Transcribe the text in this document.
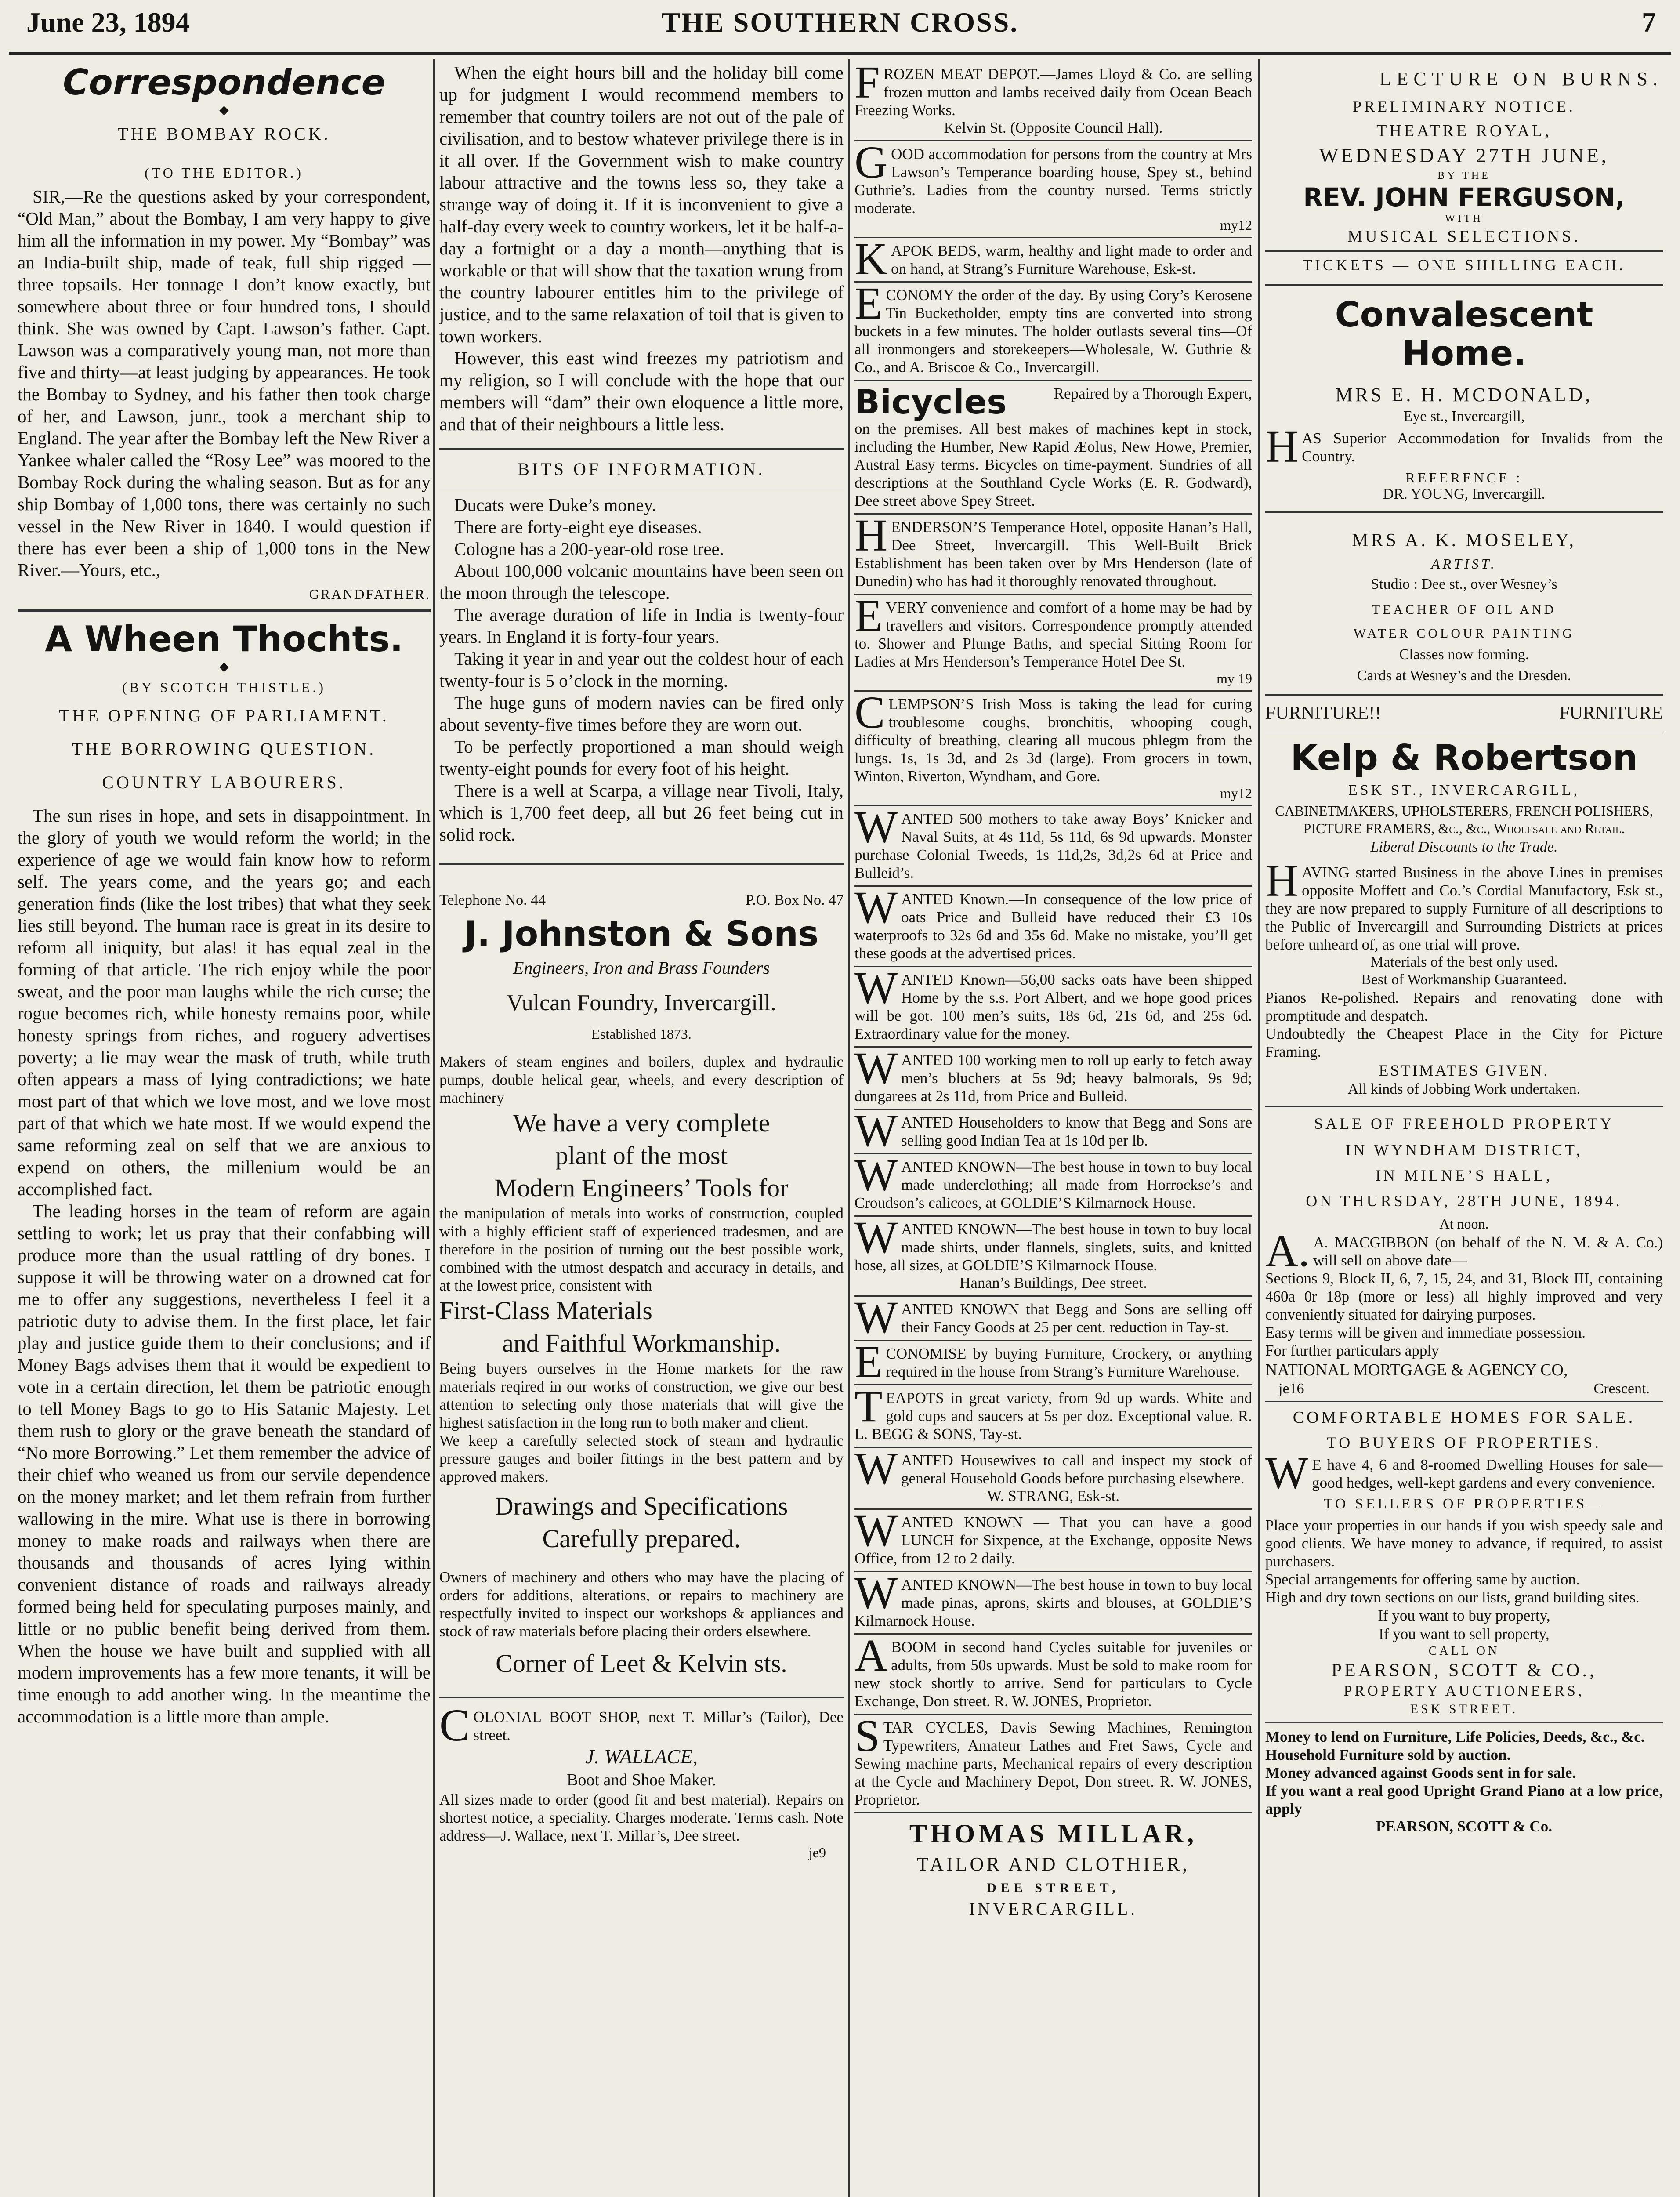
June 23, 1894	THE SOUTHERN CROSS.	7
Correspondence
◆
THE BOMBAY ROCK.
(TO THE EDITOR.)

SIR,—Re the questions asked by your correspondent, “Old Man,” about the Bombay, I am very happy to give him all the information in my power. My “Bombay” was an India-built ship, made of teak, full ship rigged — three topsails. Her tonnage I don’t know exactly, but somewhere about three or four hundred tons, I should think. She was owned by Capt. Lawson’s father. Capt. Lawson was a comparatively young man, not more than five and thirty—at least judging by appearances. He took the Bombay to Sydney, and his father then took charge of her, and Lawson, junr., took a merchant ship to England. The year after the Bombay left the New River a Yankee whaler called the “Rosy Lee” was moored to the Bombay Rock during the whaling season. But as for any ship Bombay of 1,000 tons, there was certainly no such vessel in the New River in 1840. I would question if there has ever been a ship of 1,000 tons in the New River.—Yours, etc.,

GRANDFATHER.
A Wheen Thochts.
◆
(BY SCOTCH THISTLE.)
THE OPENING OF PARLIAMENT.
THE BORROWING QUESTION.
COUNTRY LABOURERS.

The sun rises in hope, and sets in disappointment. In the glory of youth we would reform the world; in the experience of age we would fain know how to reform self. The years come, and the years go; and each generation finds (like the lost tribes) that what they seek lies still beyond. The human race is great in its desire to reform all iniquity, but alas! it has equal zeal in the forming of that article. The rich enjoy while the poor sweat, and the poor man laughs while the rich curse; the rogue becomes rich, while honesty remains poor, while honesty springs from riches, and roguery advertises poverty; a lie may wear the mask of truth, while truth often appears a mass of lying contradictions; we hate most part of that which we love most, and we love most part of that which we hate most. If we would expend the same reforming zeal on self that we are anxious to expend on others, the millenium would be an accomplished fact.

The leading horses in the team of reform are again settling to work; let us pray that their confabbing will produce more than the usual rattling of dry bones. I suppose it will be throwing water on a drowned cat for me to offer any suggestions, nevertheless I feel it a patriotic duty to advise them. In the first place, let fair play and justice guide them to their conclusions; and if Money Bags advises them that it would be expedient to vote in a certain direction, let them be patriotic enough to tell Money Bags to go to His Satanic Majesty. Let them rush to glory or the grave beneath the standard of “No more Borrowing.” Let them remember the advice of their chief who weaned us from our servile dependence on the money market; and let them refrain from further wallowing in the mire. What use is there in borrowing money to make roads and railways when there are thousands and thousands of acres lying within convenient distance of roads and railways already formed being held for speculating purposes mainly, and little or no public benefit being derived from them. When the house we have built and supplied with all modern improvements has a few more tenants, it will be time enough to add another wing. In the meantime the accommodation is a little more than ample.

When the eight hours bill and the holiday bill come up for judgment I would recommend members to remember that country toilers are not out of the pale of civilisation, and to bestow whatever privilege there is in it all over. If the Government wish to make country labour attractive and the towns less so, they take a strange way of doing it. If it is inconvenient to give a half-day every week to country workers, let it be half-a-day a fortnight or a day a month—anything that is workable or that will show that the taxation wrung from the country labourer entitles him to the privilege of justice, and to the same relaxation of toil that is given to town workers.

However, this east wind freezes my patriotism and my religion, so I will conclude with the hope that our members will “dam” their own eloquence a little more, and that of their neighbours a little less.

BITS OF INFORMATION.

Ducats were Duke’s money.

There are forty-eight eye diseases.

Cologne has a 200-year-old rose tree.

About 100,000 volcanic mountains have been seen on the moon through the telescope.

The average duration of life in India is twenty-four years. In England it is forty-four years.

Taking it year in and year out the coldest hour of each twenty-four is 5 o’clock in the morning.

The huge guns of modern navies can be fired only about seventy-five times before they are worn out.

To be perfectly proportioned a man should weigh twenty-eight pounds for every foot of his height.

There is a well at Scarpa, a village near Tivoli, Italy, which is 1,700 feet deep, all but 26 feet being cut in solid rock.

Telephone No. 44	P.O. Box No. 47
J. Johnston & Sons
Engineers, Iron and Brass Founders
Vulcan Foundry, Invercargill.
Established 1873.

Makers of steam engines and boilers, duplex and hydraulic pumps, double helical gear, wheels, and every description of machinery

We have a very complete
plant of the most
Modern Engineers’ Tools for

the manipulation of metals into works of construction, coupled with a highly efficient staff of experienced tradesmen, and are therefore in the position of turning out the best possible work, combined with the utmost despatch and accuracy in details, and at the lowest price, consistent with

First-Class Materials
and Faithful Workmanship.

Being buyers ourselves in the Home markets for the raw materials reqired in our works of construction, we give our best attention to selecting only those materials that will give the highest satisfaction in the long run to both maker and client.

We keep a carefully selected stock of steam and hydraulic pressure gauges and boiler fittings in the best pattern and by approved makers.

Drawings and Specifications
Carefully prepared.

Owners of machinery and others who may have the placing of orders for additions, alterations, or repairs to machinery are respectfully invited to inspect our workshops & appliances and stock of raw materials before placing their orders elsewhere.

Corner of Leet & Kelvin sts.

COLONIAL BOOT SHOP, next T. Millar’s (Tailor), Dee street.

J. WALLACE,
Boot and Shoe Maker.

All sizes made to order (good fit and best material). Repairs on shortest notice, a speciality. Charges moderate. Terms cash. Note address—J. Wallace, next T. Millar’s, Dee street.

je9

FROZEN MEAT DEPOT.—James Lloyd & Co. are selling frozen mutton and lambs received daily from Ocean Beach Freezing Works.

Kelvin St. (Opposite Council Hall).

GOOD accommodation for persons from the country at Mrs Lawson’s Temperance boarding house, Spey st., behind Guthrie’s. Ladies from the country nursed. Terms strictly moderate.

my12

KAPOK BEDS, warm, healthy and light made to order and on hand, at Strang’s Furniture Warehouse, Esk-st.

ECONOMY the order of the day. By using Cory’s Kerosene Tin Bucketholder, empty tins are converted into strong buckets in a few minutes. The holder outlasts several tins—Of all ironmongers and storekeepers—Wholesale, W. Guthrie & Co., and A. Briscoe & Co., Invercargill.

Bicycles	Repaired by a Thorough Expert,

on the premises. All best makes of machines kept in stock, including the Humber, New Rapid Æolus, New Howe, Premier, Austral Easy terms. Bicycles on time-payment. Sundries of all descriptions at the Southland Cycle Works (E. R. Godward), Dee street above Spey Street.

HENDERSON’S Temperance Hotel, opposite Hanan’s Hall, Dee Street, Invercargill. This Well-Built Brick Establishment has been taken over by Mrs Henderson (late of Dunedin) who has had it thoroughly renovated throughout.

EVERY convenience and comfort of a home may be had by travellers and visitors. Correspondence promptly attended to. Shower and Plunge Baths, and special Sitting Room for Ladies at Mrs Henderson’s Temperance Hotel Dee St.

my 19

CLEMPSON’S Irish Moss is taking the lead for curing troublesome coughs, bronchitis, whooping cough, difficulty of breathing, clearing all mucous phlegm from the lungs. 1s, 1s 3d, and 2s 3d (large). From grocers in town, Winton, Riverton, Wyndham, and Gore.

my12

WANTED 500 mothers to take away Boys’ Knicker and Naval Suits, at 4s 11d, 5s 11d, 6s 9d upwards. Monster purchase Colonial Tweeds, 1s 11d,2s, 3d,2s 6d at Price and Bulleid’s.

WANTED Known.—In consequence of the low price of oats Price and Bulleid have reduced their £3 10s waterproofs to 32s 6d and 35s 6d. Make no mistake, you’ll get these goods at the advertised prices.

WANTED Known—56,00 sacks oats have been shipped Home by the s.s. Port Albert, and we hope good prices will be got. 100 men’s suits, 18s 6d, 21s 6d, and 25s 6d. Extraordinary value for the money.

WANTED 100 working men to roll up early to fetch away men’s bluchers at 5s 9d; heavy balmorals, 9s 9d; dungarees at 2s 11d, from Price and Bulleid.

WANTED Householders to know that Begg and Sons are selling good Indian Tea at 1s 10d per lb.

WANTED KNOWN—The best house in town to buy local made underclothing; all made from Horrockse’s and Croudson’s calicoes, at GOLDIE’S Kilmarnock House.

WANTED KNOWN—The best house in town to buy local made shirts, under flannels, singlets, suits, and knitted hose, all sizes, at GOLDIE’S Kilmarnock House.

Hanan’s Buildings, Dee street.

WANTED KNOWN that Begg and Sons are selling off their Fancy Goods at 25 per cent. reduction in Tay-st.

ECONOMISE by buying Furniture, Crockery, or anything required in the house from Strang’s Furniture Warehouse.

TEAPOTS in great variety, from 9d up wards. White and gold cups and saucers at 5s per doz. Exceptional value. R. L. BEGG & SONS, Tay-st.

WANTED Housewives to call and inspect my stock of general Household Goods before purchasing elsewhere.

W. STRANG, Esk-st.

WANTED KNOWN — That you can have a good LUNCH for Sixpence, at the Exchange, opposite News Office, from 12 to 2 daily.

WANTED KNOWN—The best house in town to buy local made pinas, aprons, skirts and blouses, at GOLDIE’S Kilmarnock House.

ABOOM in second hand Cycles suitable for juveniles or adults, from 50s upwards. Must be sold to make room for new stock shortly to arrive. Send for particulars to Cycle Exchange, Don street. R. W. JONES, Proprietor.

STAR CYCLES, Davis Sewing Machines, Remington Typewriters, Amateur Lathes and Fret Saws, Cycle and Sewing machine parts, Mechanical repairs of every description at the Cycle and Machinery Depot, Don street. R. W. JONES, Proprietor.

THOMAS MILLAR,
TAILOR AND CLOTHIER,
DEE STREET,
INVERCARGILL.
LECTURE ON BURNS.
PRELIMINARY NOTICE.
THEATRE ROYAL,
WEDNESDAY 27TH JUNE,
BY THE
REV. JOHN FERGUSON,
WITH
MUSICAL SELECTIONS.
TICKETS — ONE SHILLING EACH.
Convalescent
Home.
MRS E. H. MCDONALD,
Eye st., Invercargill,

HAS Superior Accommodation for Invalids from the Country.

REFERENCE :
DR. YOUNG, Invercargill.
MRS A. K. MOSELEY,
ARTIST.
Studio : Dee st., over Wesney’s
TEACHER OF OIL AND
WATER COLOUR PAINTING
Classes now forming.
Cards at Wesney’s and the Dresden.
FURNITURE!!	FURNITURE
Kelp & Robertson
ESK ST., INVERCARGILL,
CABINETMAKERS, UPHOLSTERERS, FRENCH POLISHERS, PICTURE FRAMERS, &c., &c., Wholesale and Retail.
Liberal Discounts to the Trade.

HAVING started Business in the above Lines in premises opposite Moffett and Co.’s Cordial Manufactory, Esk st., they are now prepared to supply Furniture of all descriptions to the Public of Invercargill and Surrounding Districts at prices before unheard of, as one trial will prove.

Materials of the best only used.
Best of Workmanship Guaranteed.

Pianos Re-polished. Repairs and renovating done with promptitude and despatch.

Undoubtedly the Cheapest Place in the City for Picture Framing.

ESTIMATES GIVEN.
All kinds of Jobbing Work undertaken.
SALE OF FREEHOLD PROPERTY
IN WYNDHAM DISTRICT,
IN MILNE’S HALL,
ON THURSDAY, 28TH JUNE, 1894.
At noon.

A.A. MACGIBBON (on behalf of the N. M. & A. Co.) will sell on above date—

Sections 9, Block II, 6, 7, 15, 24, and 31, Block III, containing 460a 0r 18p (more or less) all highly improved and very conveniently situated for dairying purposes.

Easy terms will be given and immediate possession.

For further particulars apply

NATIONAL MORTGAGE & AGENCY CO,
je16	Crescent.
COMFORTABLE HOMES FOR SALE.
TO BUYERS OF PROPERTIES.

WE have 4, 6 and 8-roomed Dwelling Houses for sale—good hedges, well-kept gardens and every convenience.

TO SELLERS OF PROPERTIES—

Place your properties in our hands if you wish speedy sale and good clients. We have money to advance, if required, to assist purchasers.

Special arrangements for offering same by auction.

High and dry town sections on our lists, grand building sites.

If you want to buy property,
If you want to sell property,
CALL ON
PEARSON, SCOTT & CO.,
PROPERTY AUCTIONEERS,
ESK STREET.

Money to lend on Furniture, Life Policies, Deeds, &c., &c.

Household Furniture sold by auction.

Money advanced against Goods sent in for sale.

If you want a real good Upright Grand Piano at a low price, apply

PEARSON, SCOTT & Co.
